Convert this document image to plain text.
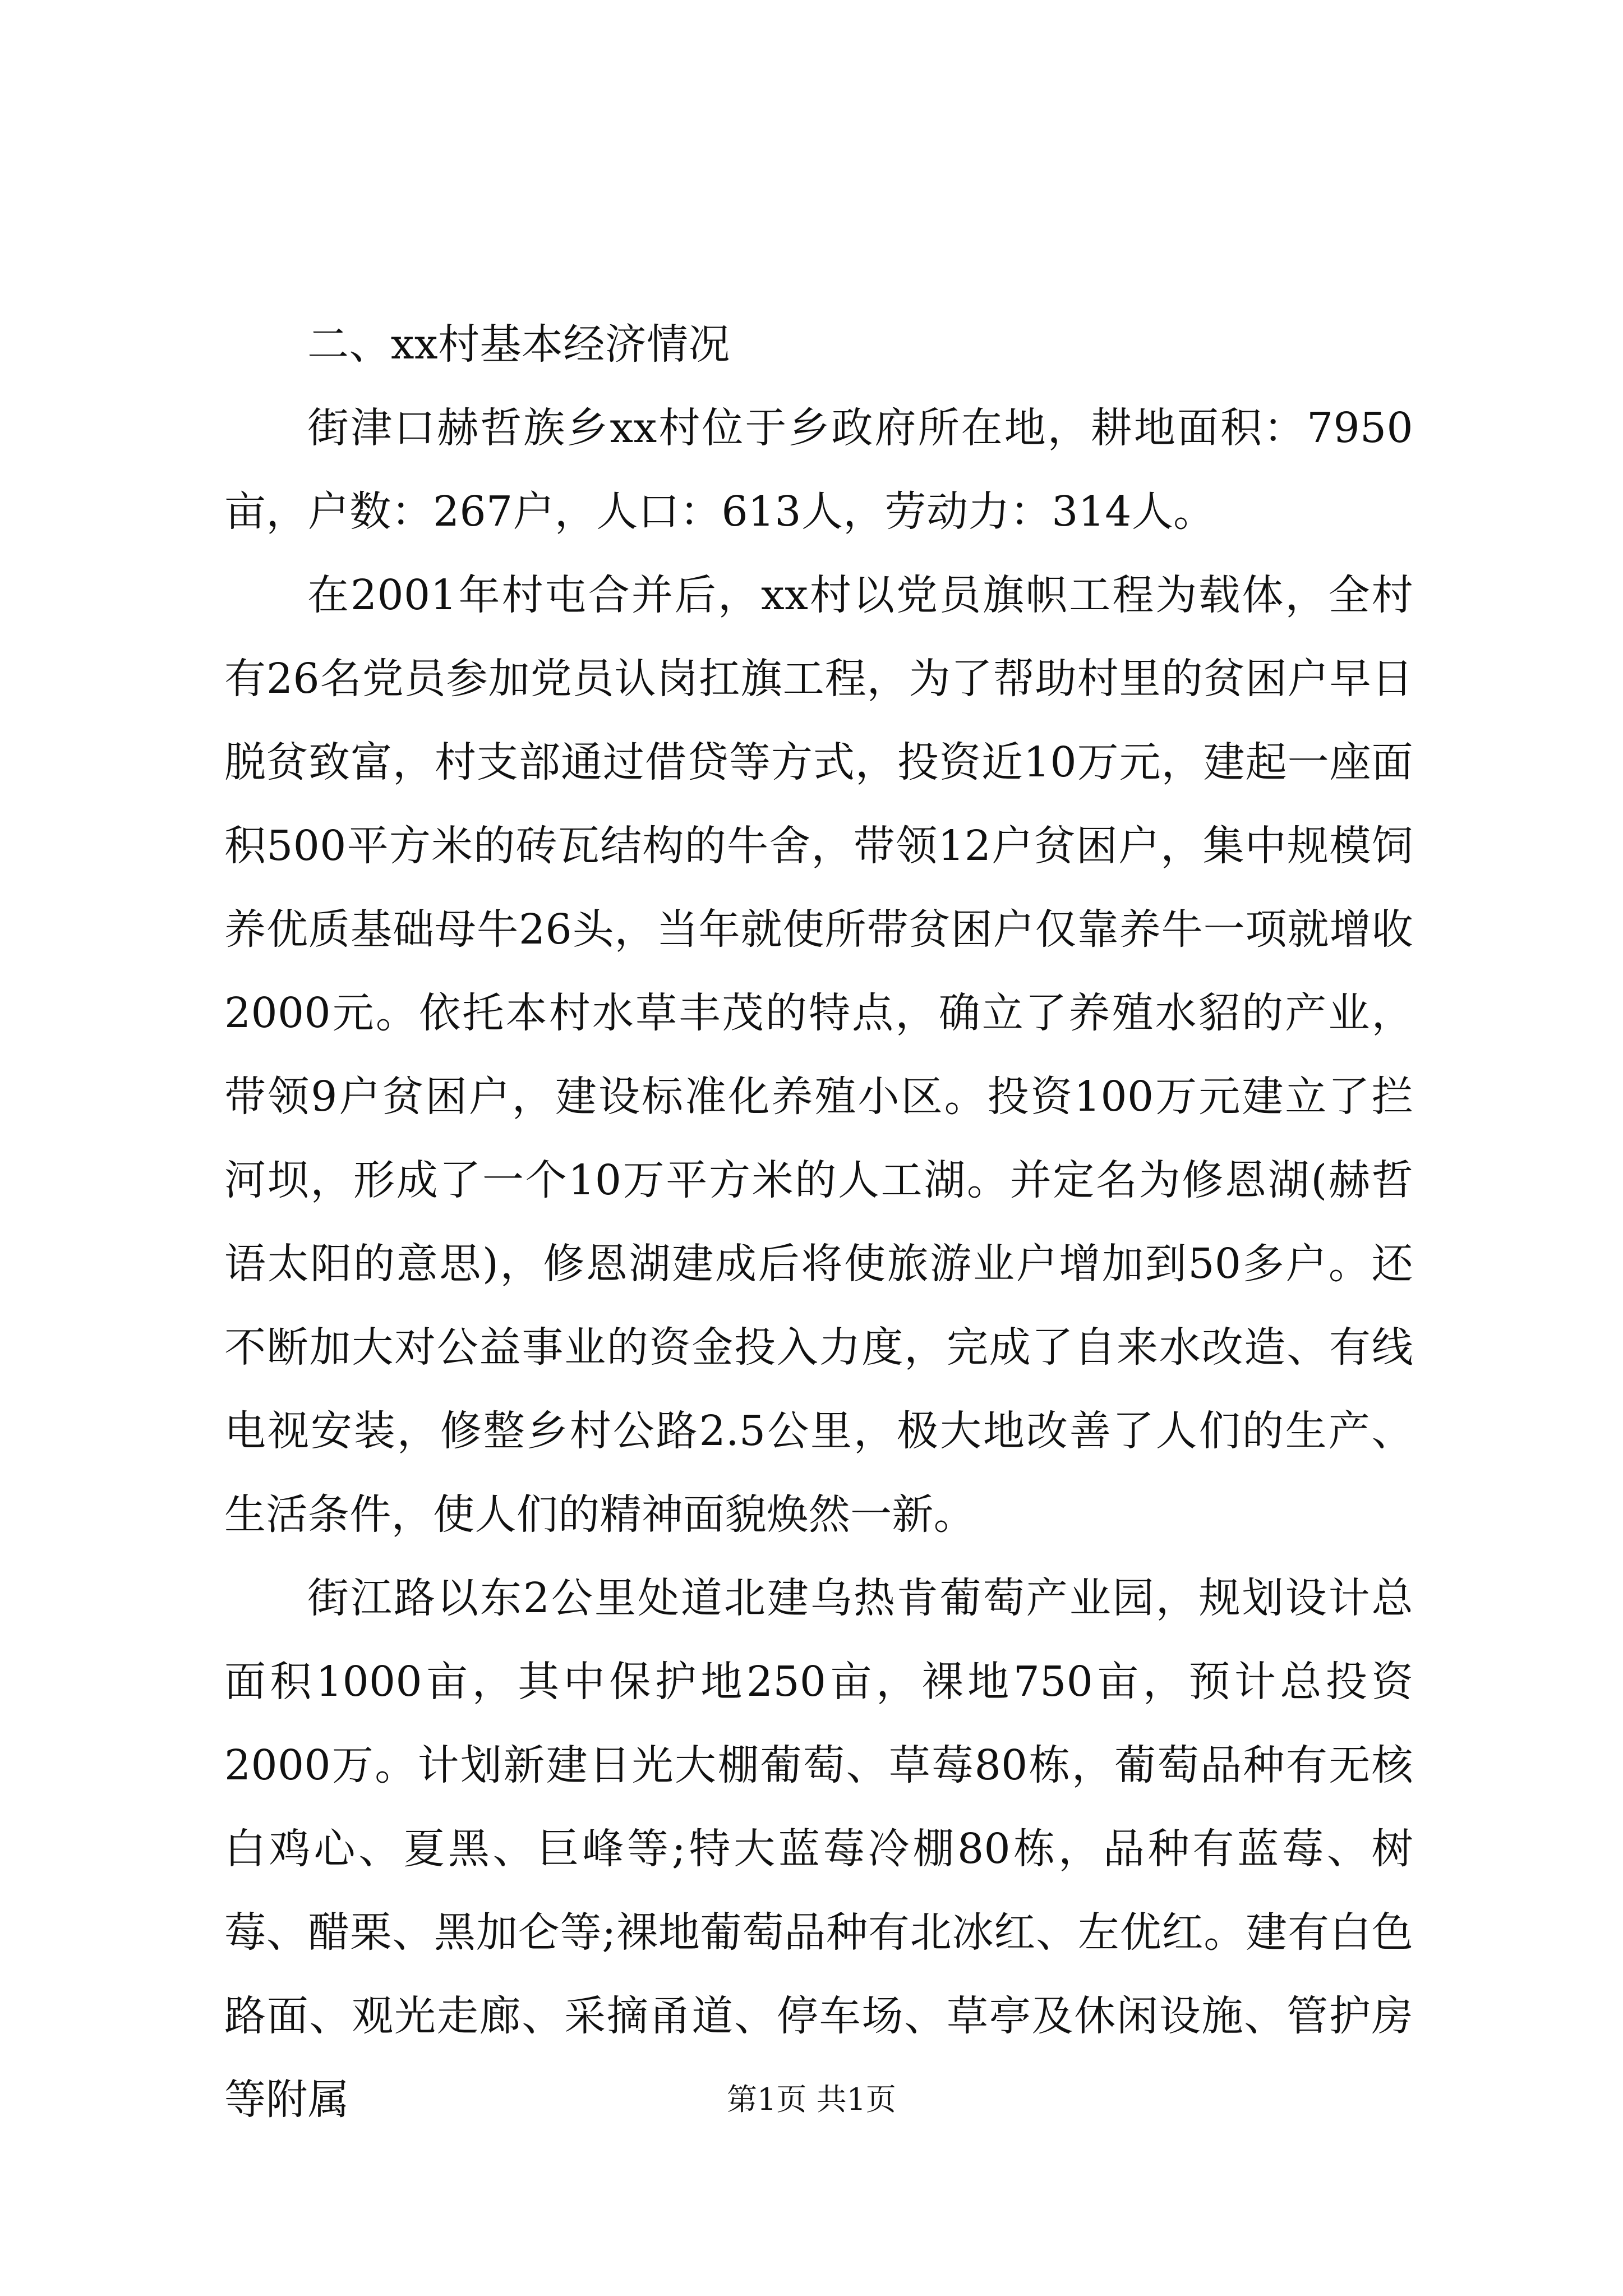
二、xx村基本经济情况

街津口赫哲族乡xx村位于乡政府所在地，耕地面积：7950亩，户数：267户，人口：613人，劳动力：314人。

在2001年村屯合并后，xx村以党员旗帜工程为载体，全村有26名党员参加党员认岗扛旗工程，为了帮助村里的贫困户早日脱贫致富，村支部通过借贷等方式，投资近10万元，建起一座面积500平方米的砖瓦结构的牛舍，带领12户贫困户，集中规模饲养优质基础母牛26头，当年就使所带贫困户仅靠养牛一项就增收2000元。依托本村水草丰茂的特点，确立了养殖水貂的产业，带领9户贫困户，建设标准化养殖小区。投资100万元建立了拦河坝，形成了一个10万平方米的人工湖。并定名为修恩湖(赫哲语太阳的意思)，修恩湖建成后将使旅游业户增加到50多户。还不断加大对公益事业的资金投入力度，完成了自来水改造、有线电视安装，修整乡村公路2.5公里，极大地改善了人们的生产、生活条件，使人们的精神面貌焕然一新。

街江路以东2公里处道北建乌热肯葡萄产业园，规划设计总面积1000亩，其中保护地250亩，裸地750亩，预计总投资2000万。计划新建日光大棚葡萄、草莓80栋，葡萄品种有无核白鸡心、夏黑、巨峰等;特大蓝莓冷棚80栋，品种有蓝莓、树莓、醋栗、黑加仑等;裸地葡萄品种有北冰红、左优红。建有白色路面、观光走廊、采摘甬道、停车场、草亭及休闲设施、管护房等附属	第1页 共1页
